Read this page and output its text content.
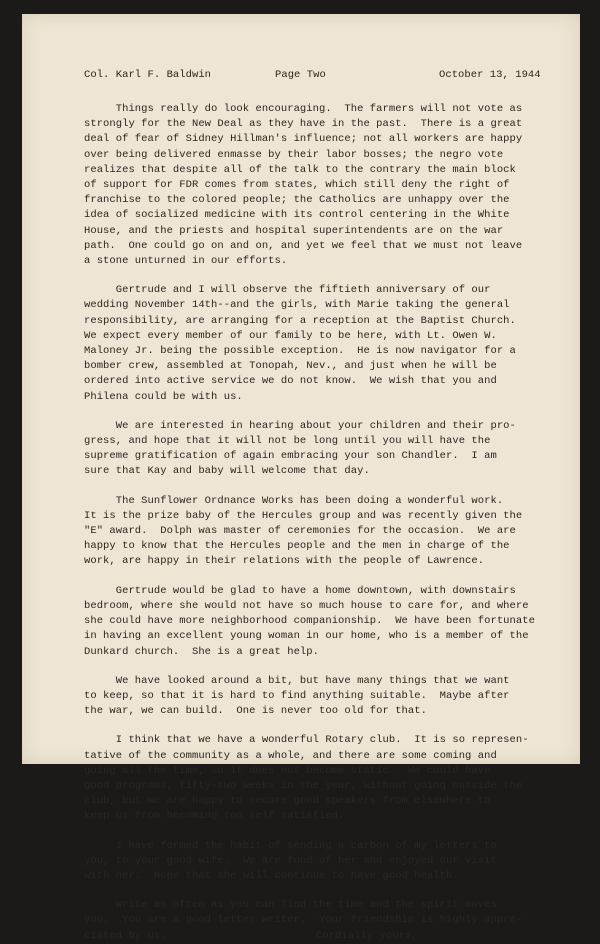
Col. Karl F. Baldwin	Page Two	October 13, 1944

Things really do look encouraging.  The farmers will not vote as
strongly for the New Deal as they have in the past.  There is a great
deal of fear of Sidney Hillman's influence; not all workers are happy
over being delivered enmasse by their labor bosses; the negro vote
realizes that despite all of the talk to the contrary the main block
of support for FDR comes from states, which still deny the right of
franchise to the colored people; the Catholics are unhappy over the
idea of socialized medicine with its control centering in the White
House, and the priests and hospital superintendents are on the war
path.  One could go on and on, and yet we feel that we must not leave
a stone unturned in our efforts.

Gertrude and I will observe the fiftieth anniversary of our
wedding November 14th--and the girls, with Marie taking the general
responsibility, are arranging for a reception at the Baptist Church.
We expect every member of our family to be here, with Lt. Owen W.
Maloney Jr. being the possible exception.  He is now navigator for a
bomber crew, assembled at Tonopah, Nev., and just when he will be
ordered into active service we do not know.  We wish that you and
Philena could be with us.

We are interested in hearing about your children and their pro-
gress, and hope that it will not be long until you will have the
supreme gratification of again embracing your son Chandler.  I am
sure that Kay and baby will welcome that day.

The Sunflower Ordnance Works has been doing a wonderful work.
It is the prize baby of the Hercules group and was recently given the
"E" award.  Dolph was master of ceremonies for the occasion.  We are
happy to know that the Hercules people and the men in charge of the
work, are happy in their relations with the people of Lawrence.

Gertrude would be glad to have a home downtown, with downstairs
bedroom, where she would not have so much house to care for, and where
she could have more neighborhood companionship.  We have been fortunate
in having an excellent young woman in our home, who is a member of the
Dunkard church.  She is a great help.

We have looked around a bit, but have many things that we want
to keep, so that it is hard to find anything suitable.  Maybe after
the war, we can build.  One is never too old for that.

I think that we have a wonderful Rotary club.  It is so represen-
tative of the community as a whole, and there are some coming and
going all the time, so it does not become static.  We could have
good programs, fifty-two weeks in the year, without going outside the
club, but we are happy to secure good speakers from elsewhere to
keep us from becoming too self satisfied.

I have formed the habit of sending a carbon of my letters to
you, to your good wife.  We are fond of her and enjoyed our visit
with her.  Hope that she will continue to have good health.

Write as often as you can find the time and the spirit moves
you.  You are a good letter writer.  Your friendship is highly appre-
ciated by us.	Cordially yours,
